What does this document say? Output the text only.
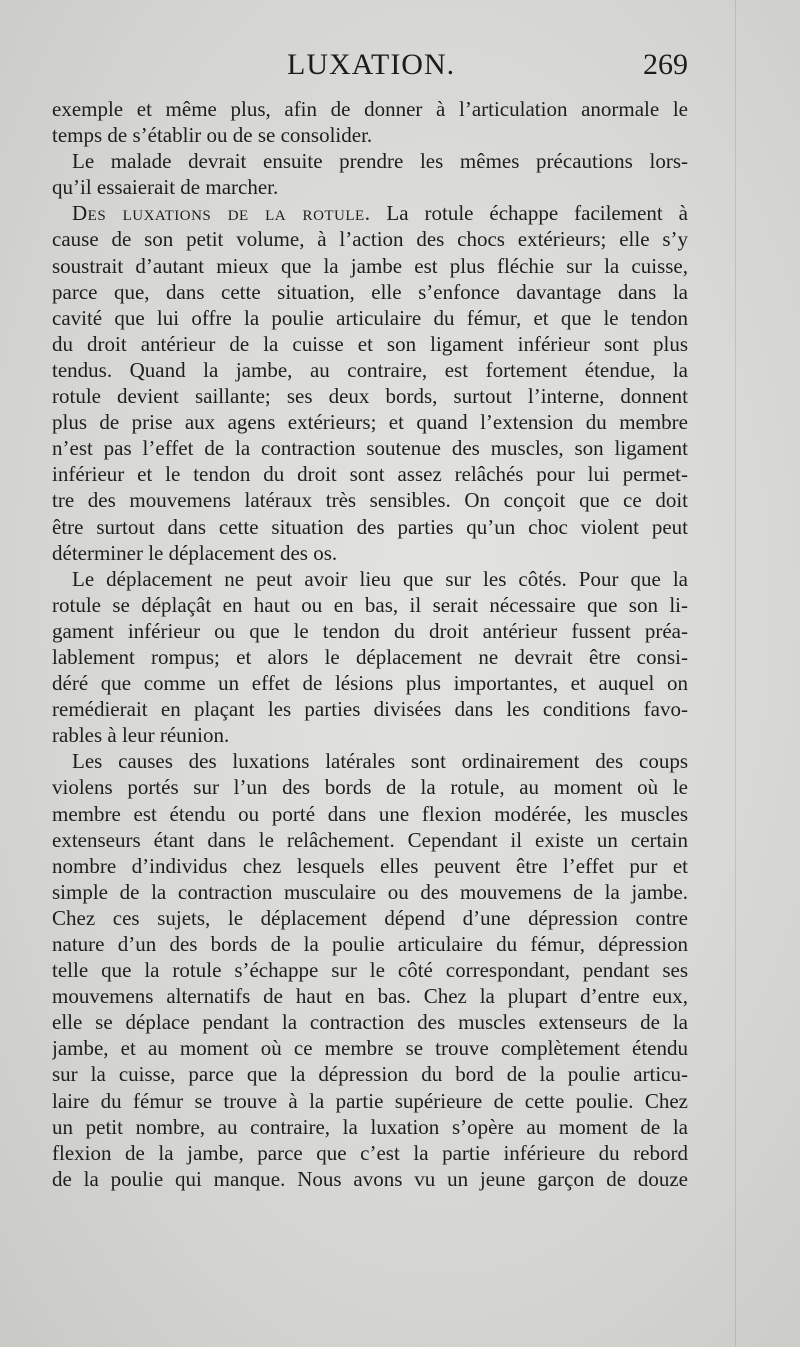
LUXATION.	269
exemple et même plus, afin de donner à l’articulation anormale le
temps de s’établir ou de se consolider.
Le malade devrait ensuite prendre les mêmes précautions lors-
qu’il essaierait de marcher.
Des luxations de la rotule. La rotule échappe facilement à
cause de son petit volume, à l’action des chocs extérieurs; elle s’y
soustrait d’autant mieux que la jambe est plus fléchie sur la cuisse,
parce que, dans cette situation, elle s’enfonce davantage dans la
cavité que lui offre la poulie articulaire du fémur, et que le tendon
du droit antérieur de la cuisse et son ligament inférieur sont plus
tendus. Quand la jambe, au contraire, est fortement étendue, la
rotule devient saillante; ses deux bords, surtout l’interne, donnent
plus de prise aux agens extérieurs; et quand l’extension du membre
n’est pas l’effet de la contraction soutenue des muscles, son ligament
inférieur et le tendon du droit sont assez relâchés pour lui permet-
tre des mouvemens latéraux très sensibles. On conçoit que ce doit
être surtout dans cette situation des parties qu’un choc violent peut
déterminer le déplacement des os.
Le déplacement ne peut avoir lieu que sur les côtés. Pour que la
rotule se déplaçât en haut ou en bas, il serait nécessaire que son li-
gament inférieur ou que le tendon du droit antérieur fussent préa-
lablement rompus; et alors le déplacement ne devrait être consi-
déré que comme un effet de lésions plus importantes, et auquel on
remédierait en plaçant les parties divisées dans les conditions favo-
rables à leur réunion.
Les causes des luxations latérales sont ordinairement des coups
violens portés sur l’un des bords de la rotule, au moment où le
membre est étendu ou porté dans une flexion modérée, les muscles
extenseurs étant dans le relâchement. Cependant il existe un certain
nombre d’individus chez lesquels elles peuvent être l’effet pur et
simple de la contraction musculaire ou des mouvemens de la jambe.
Chez ces sujets, le déplacement dépend d’une dépression contre
nature d’un des bords de la poulie articulaire du fémur, dépression
telle que la rotule s’échappe sur le côté correspondant, pendant ses
mouvemens alternatifs de haut en bas. Chez la plupart d’entre eux,
elle se déplace pendant la contraction des muscles extenseurs de la
jambe, et au moment où ce membre se trouve complètement étendu
sur la cuisse, parce que la dépression du bord de la poulie articu-
laire du fémur se trouve à la partie supérieure de cette poulie. Chez
un petit nombre, au contraire, la luxation s’opère au moment de la
flexion de la jambe, parce que c’est la partie inférieure du rebord
de la poulie qui manque. Nous avons vu un jeune garçon de douze
